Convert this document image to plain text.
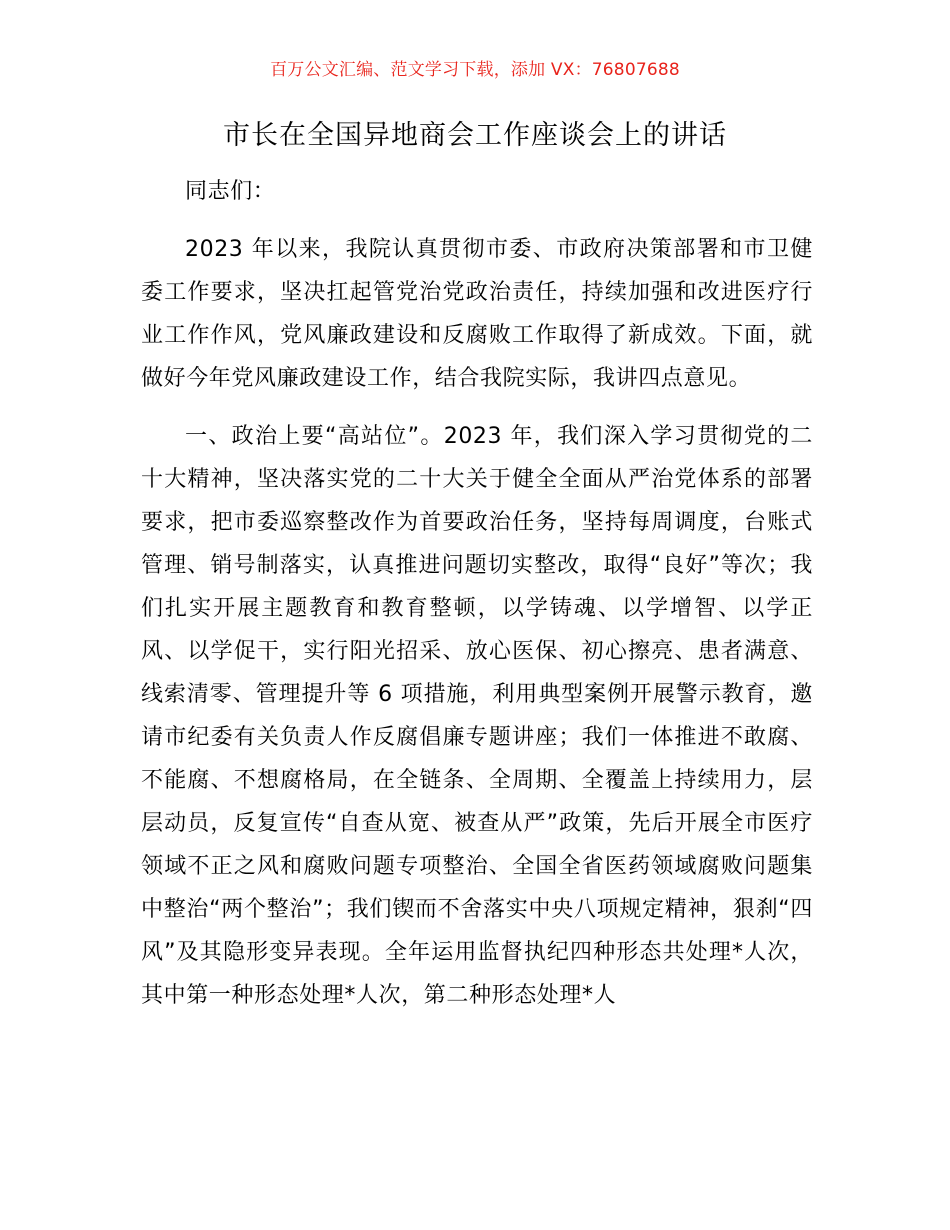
百万公文汇编、范文学习下载，添加 VX：76807688
市长在全国异地商会工作座谈会上的讲话

同志们：

2023 年以来，我院认真贯彻市委、市政府决策部署和市卫健委工作要求，坚决扛起管党治党政治责任，持续加强和改进医疗行业工作作风，党风廉政建设和反腐败工作取得了新成效。下面，就做好今年党风廉政建设工作，结合我院实际，我讲四点意见。

一、政治上要“高站位”。2023 年，我们深入学习贯彻党的二十大精神，坚决落实党的二十大关于健全全面从严治党体系的部署要求，把市委巡察整改作为首要政治任务，坚持每周调度，台账式管理、销号制落实，认真推进问题切实整改，取得“良好”等次；我们扎实开展主题教育和教育整顿，以学铸魂、以学增智、以学正风、以学促干，实行阳光招采、放心医保、初心擦亮、患者满意、线索清零、管理提升等 6 项措施，利用典型案例开展警示教育，邀请市纪委有关负责人作反腐倡廉专题讲座；我们一体推进不敢腐、不能腐、不想腐格局，在全链条、全周期、全覆盖上持续用力，层层动员，反复宣传“自查从宽、被查从严”政策，先后开展全市医疗领域不正之风和腐败问题专项整治、全国全省医药领域腐败问题集中整治“两个整治”；我们锲而不舍落实中央八项规定精神，狠刹“四风”及其隐形变异表现。全年运用监督执纪四种形态共处理*人次，其中第一种形态处理*人次，第二种形态处理*人
